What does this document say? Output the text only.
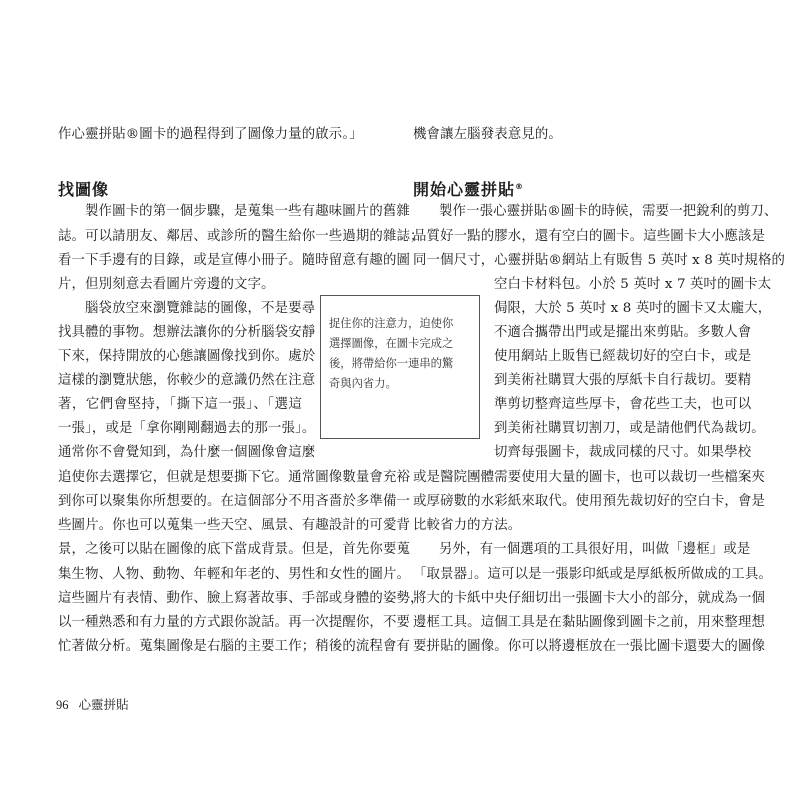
作心靈拼貼®圖卡的過程得到了圖像力量的啟示。」	機會讓左腦發表意見的。
找圖像
製作圖卡的第一個步驟，是蒐集一些有趣味圖片的舊雜
誌。可以請朋友、鄰居、或診所的醫生給你一些過期的雜誌；
看一下手邊有的目錄，或是宣傳小冊子。隨時留意有趣的圖
片，但別刻意去看圖片旁邊的文字。
腦袋放空來瀏覽雜誌的圖像，不是要尋
找具體的事物。想辦法讓你的分析腦袋安靜
下來，保持開放的心態讓圖像找到你。處於
這樣的瀏覽狀態，你較少的意識仍然在注意
著，它們會堅持，「撕下這一張」、「選這
一張」，或是「拿你剛剛翻過去的那一張」。
通常你不會覺知到，為什麼一個圖像會這麼
追使你去選擇它，但就是想要撕下它。通常圖像數量會充裕
到你可以聚集你所想要的。在這個部分不用吝嗇於多準備一
些圖片。你也可以蒐集一些天空、風景、有趣設計的可愛背
景，之後可以貼在圖像的底下當成背景。但是，首先你要蒐
集生物、人物、動物、年輕和年老的、男性和女性的圖片。
這些圖片有表情、動作、臉上寫著故事、手部或身體的姿勢，
以一種熟悉和有力量的方式跟你說話。再一次提醒你，不要
忙著做分析。蒐集圖像是右腦的主要工作；稍後的流程會有
捉住你的注意力，迫使你
選擇圖像，在圖卡完成之
後，將帶給你一連串的驚
奇與內省力。
開始心靈拼貼®
製作一張心靈拼貼®圖卡的時候，需要一把銳利的剪刀、
品質好一點的膠水，還有空白的圖卡。這些圖卡大小應該是
同一個尺寸，心靈拼貼®網站上有販售 5 英吋 x 8 英吋規格的
空白卡材料包。小於 5 英吋 x 7 英吋的圖卡太
侷限，大於 5 英吋 x 8 英吋的圖卡又太龐大，
不適合攜帶出門或是擺出來剪貼。多數人會
使用網站上販售已經裁切好的空白卡，或是
到美術社購買大張的厚紙卡自行裁切。要精
準剪切整齊這些厚卡，會花些工夫，也可以
到美術社購買切割刀，或是請他們代為裁切。
切齊每張圖卡，裁成同樣的尺寸。如果學校
或是醫院團體需要使用大量的圖卡，也可以裁切一些檔案夾
或厚磅數的水彩紙來取代。使用預先裁切好的空白卡，會是
比較省力的方法。
另外，有一個選項的工具很好用，叫做「邊框」或是
「取景器」。這可以是一張影印紙或是厚紙板所做成的工具。
將大的卡紙中央仔細切出一張圖卡大小的部分，就成為一個
邊框工具。這個工具是在黏貼圖像到圖卡之前，用來整理想
要拼貼的圖像。你可以將邊框放在一張比圖卡還要大的圖像
96 心靈拼貼
